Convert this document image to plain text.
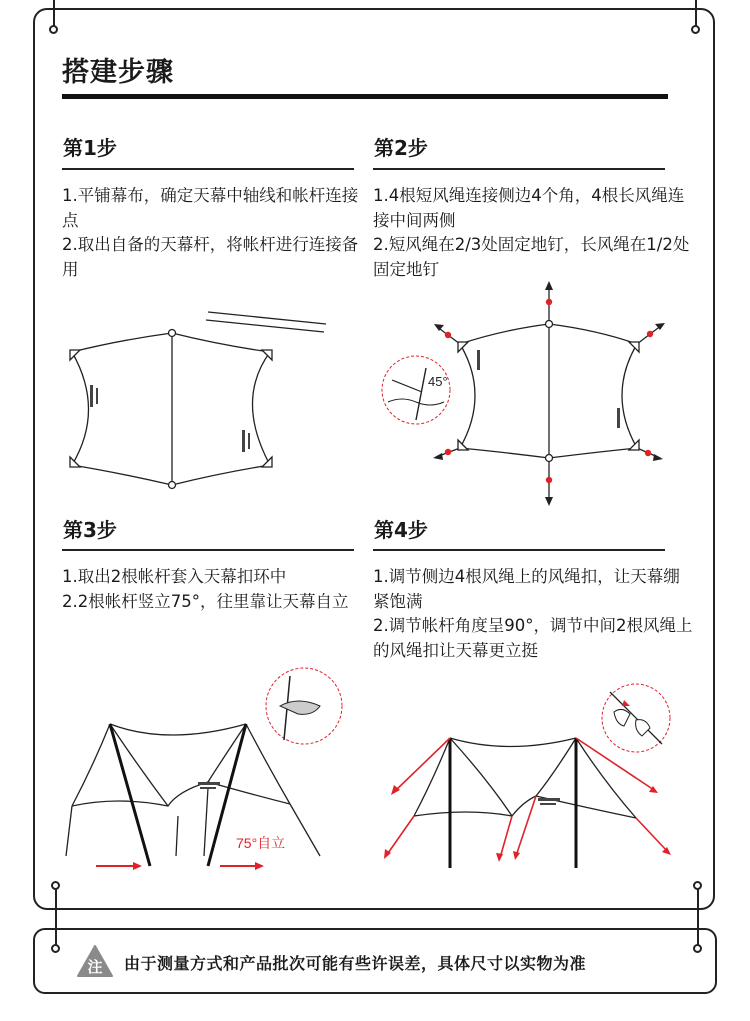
搭建步骤
第1步
1.平铺幕布，确定天幕中轴线和帐杆连接点
2.取出自备的天幕杆，将帐杆进行连接备用
第2步
1.4根短风绳连接侧边4个角，4根长风绳连接中间两侧
2.短风绳在2/3处固定地钉，长风绳在1/2处固定地钉
第3步
1.取出2根帐杆套入天幕扣环中
2.2根帐杆竖立75°，往里靠让天幕自立
第4步
1.调节侧边4根风绳上的风绳扣，让天幕绷紧饱满
2.调节帐杆角度呈90°，调节中间2根风绳上的风绳扣让天幕更立挺
45°
75°自立
注 由于测量方式和产品批次可能有些许误差，具体尺寸以实物为准
